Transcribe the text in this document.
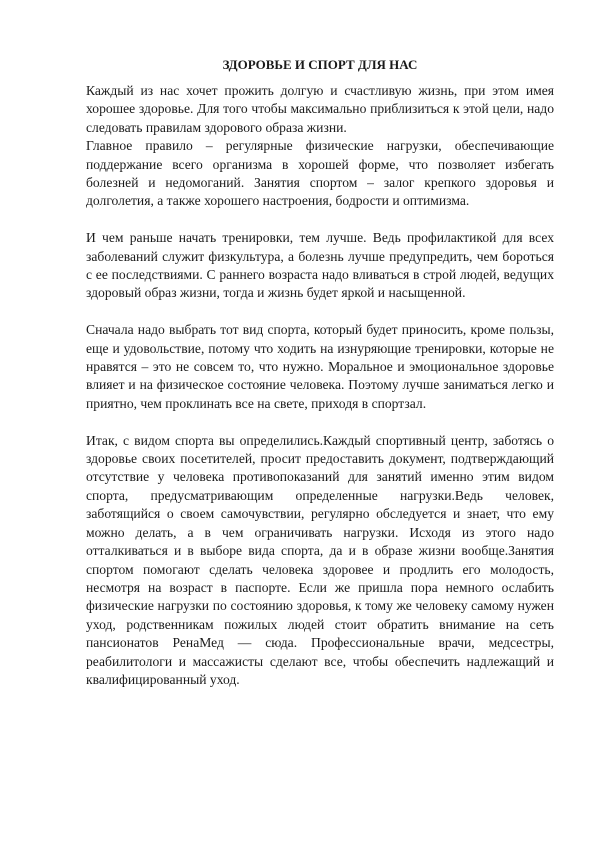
ЗДОРОВЬЕ И СПОРТ ДЛЯ НАС

Каждый из нас хочет прожить долгую и счастливую жизнь, при этом имея хорошее здоровье. Для того чтобы максимально приблизиться к этой цели, надо следовать правилам здорового образа жизни.

Главное правило – регулярные физические нагрузки, обеспечивающие поддержание всего организма в хорошей форме, что позволяет избегать болезней и недомоганий. Занятия спортом – залог крепкого здоровья и долголетия, а также хорошего настроения, бодрости и оптимизма.

И чем раньше начать тренировки, тем лучше. Ведь профилактикой для всех заболеваний служит физкультура, а болезнь лучше предупредить, чем бороться с ее последствиями. С раннего возраста надо вливаться в строй людей, ведущих здоровый образ жизни, тогда и жизнь будет яркой и насыщенной.

Сначала надо выбрать тот вид спорта, который будет приносить, кроме пользы, еще и удовольствие, потому что ходить на изнуряющие тренировки, которые не нравятся – это не совсем то, что нужно. Моральное и эмоциональное здоровье влияет и на физическое состояние человека. Поэтому лучше заниматься легко и приятно, чем проклинать все на свете, приходя в спортзал.

Итак, с видом спорта вы определились.Каждый спортивный центр, заботясь о здоровье своих посетителей, просит предоставить документ, подтверждающий отсутствие у человека противопоказаний для занятий именно этим видом спорта, предусматривающим определенные нагрузки.Ведь человек, заботящийся о своем самочувствии, регулярно обследуется и знает, что ему можно делать, а в чем ограничивать нагрузки. Исходя из этого надо отталкиваться и в выборе вида спорта, да и в образе жизни вообще.Занятия спортом помогают сделать человека здоровее и продлить его молодость, несмотря на возраст в паспорте. Если же пришла пора немного ослабить физические нагрузки по состоянию здоровья, к тому же человеку самому нужен уход, родственникам пожилых людей стоит обратить внимание на сеть пансионатов РенаМед — сюда. Профессиональные врачи, медсестры, реабилитологи и массажисты сделают все, чтобы обеспечить надлежащий и квалифицированный уход.
